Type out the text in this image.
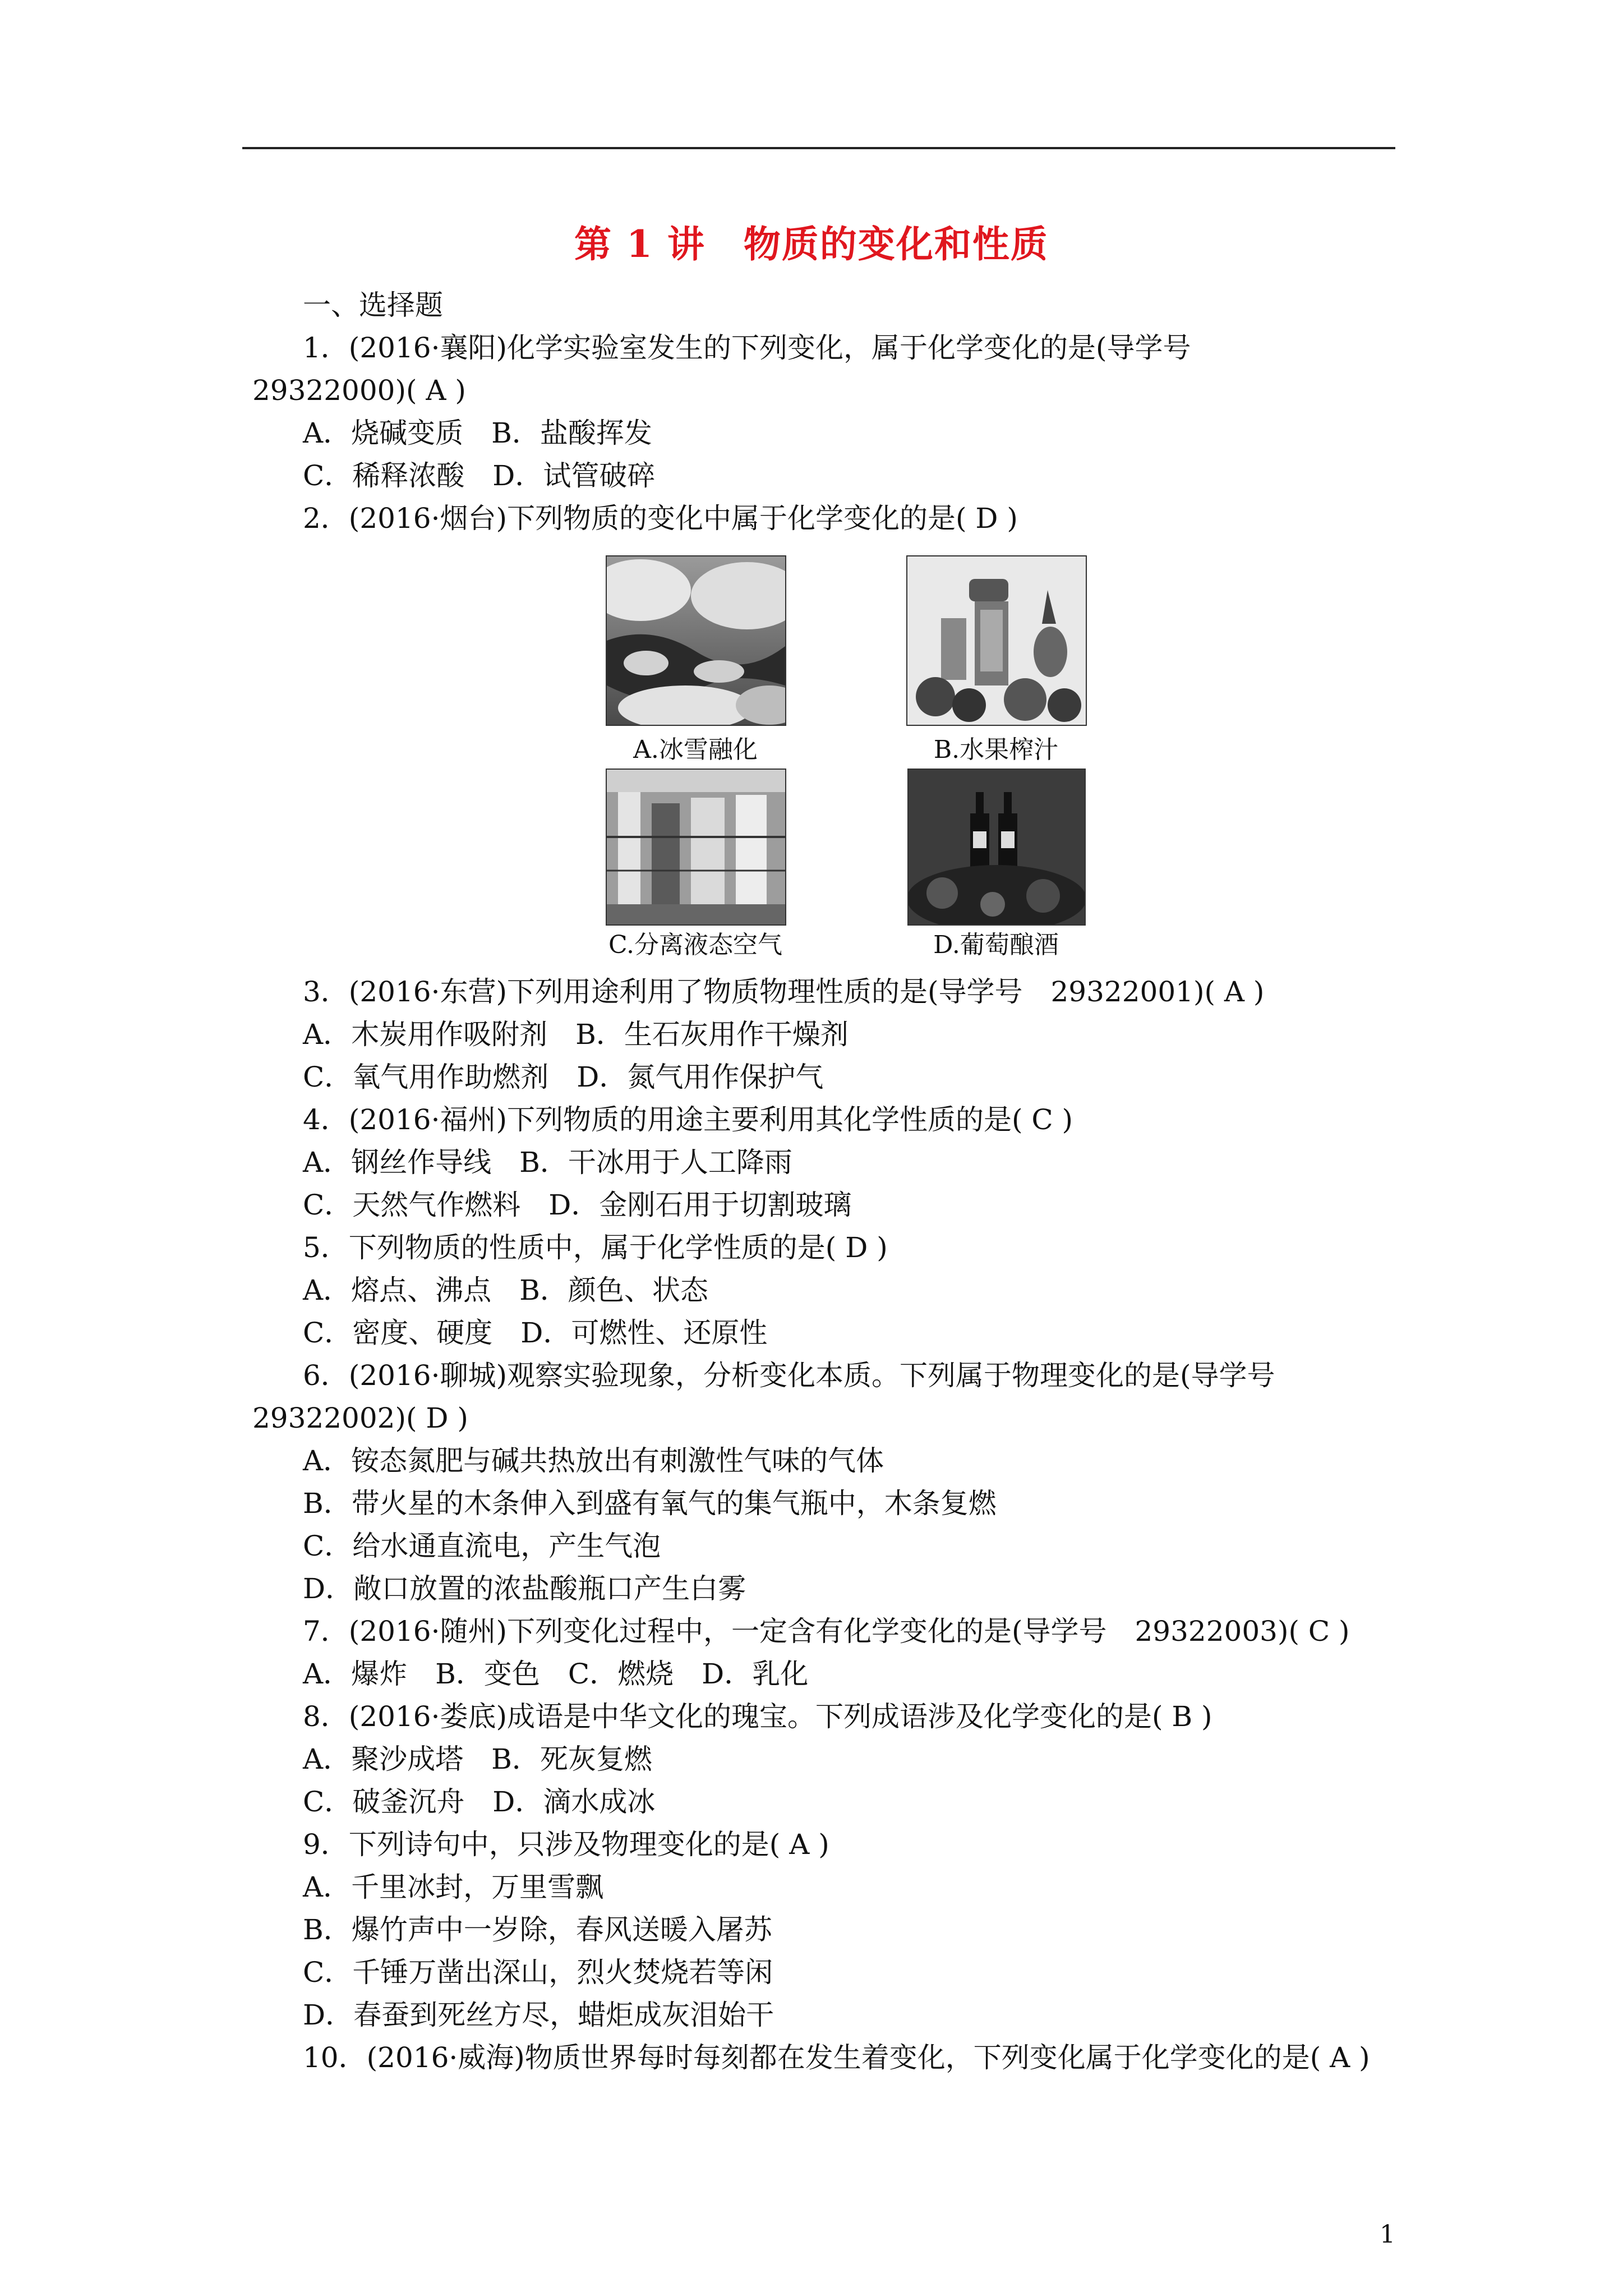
第 1 讲　物质的变化和性质
一、选择题
1．(2016·襄阳)化学实验室发生的下列变化，属于化学变化的是(导学号
29322000)( A )
A．烧碱变质　B．盐酸挥发
C．稀释浓酸　D．试管破碎
2．(2016·烟台)下列物质的变化中属于化学变化的是( D )
A.冰雪融化	B.水果榨汁
C.分离液态空气	D.葡萄酿酒
3．(2016·东营)下列用途利用了物质物理性质的是(导学号　29322001)( A )
A．木炭用作吸附剂　B．生石灰用作干燥剂
C．氧气用作助燃剂　D．氮气用作保护气
4．(2016·福州)下列物质的用途主要利用其化学性质的是( C )
A．钢丝作导线　B．干冰用于人工降雨
C．天然气作燃料　D．金刚石用于切割玻璃
5．下列物质的性质中，属于化学性质的是( D )
A．熔点、沸点　B．颜色、状态
C．密度、硬度　D．可燃性、还原性
6．(2016·聊城)观察实验现象，分析变化本质。下列属于物理变化的是(导学号
29322002)( D )
A．铵态氮肥与碱共热放出有刺激性气味的气体
B．带火星的木条伸入到盛有氧气的集气瓶中，木条复燃
C．给水通直流电，产生气泡
D．敞口放置的浓盐酸瓶口产生白雾
7．(2016·随州)下列变化过程中，一定含有化学变化的是(导学号　29322003)( C )
A．爆炸　B．变色　C．燃烧　D．乳化
8．(2016·娄底)成语是中华文化的瑰宝。下列成语涉及化学变化的是( B )
A．聚沙成塔　B．死灰复燃
C．破釜沉舟　D．滴水成冰
9．下列诗句中，只涉及物理变化的是( A )
A．千里冰封，万里雪飘
B．爆竹声中一岁除，春风送暖入屠苏
C．千锤万凿出深山，烈火焚烧若等闲
D．春蚕到死丝方尽，蜡炬成灰泪始干
10．(2016·威海)物质世界每时每刻都在发生着变化，下列变化属于化学变化的是( A )
1
